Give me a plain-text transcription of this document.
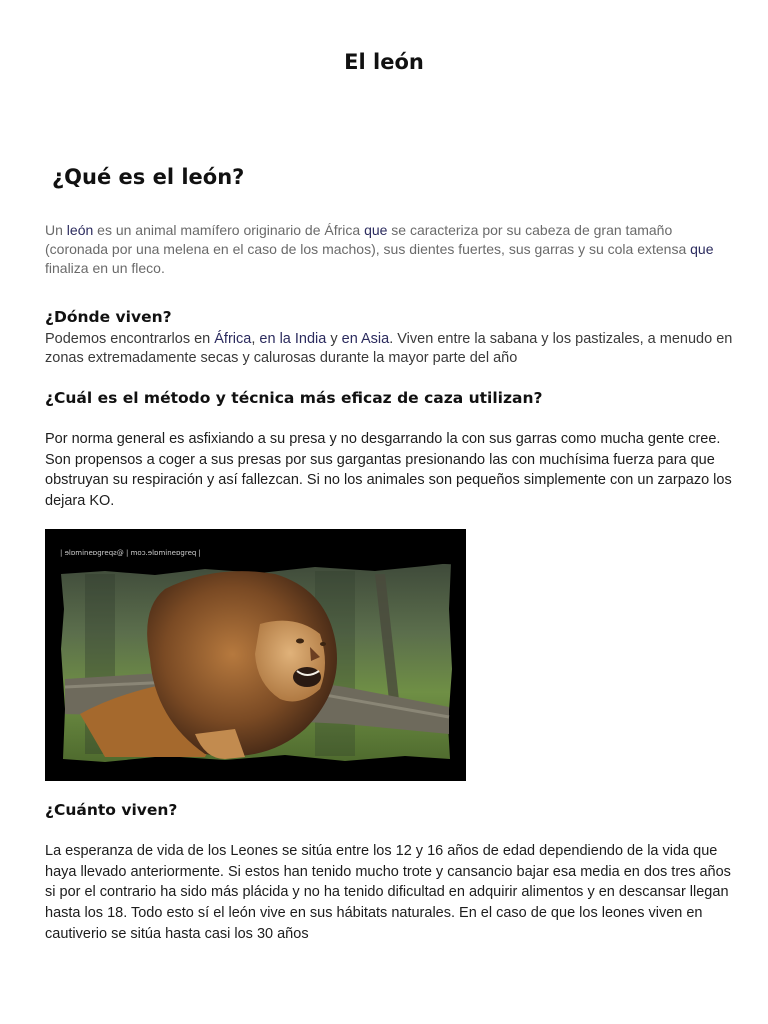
El león
¿Qué es el león?
Un león es un animal mamífero originario de África que se caracteriza por su cabeza de gran tamaño (coronada por una melena en el caso de los machos), sus dientes fuertes, sus garras y su cola extensa que finaliza en un fleco.
¿Dónde viven?
Podemos encontrarlos en África, en la India y en Asia. Viven entre la sabana y los pastizales, a menudo en zonas extremadamente secas y calurosas durante la mayor parte del año
¿Cuál es el método y técnica más eficaz de caza utilizan?
Por norma general es asfixiando a su presa y no desgarrando la con sus garras como mucha gente cree. Son propensos a coger a sus presas por sus gargantas presionando las con muchísima fuerza para que obstruyan su respiración y así fallezcan. Si no los animales son pequeños simplemente con un zarpazo los dejara KO.
| ɘlɒmineɒgreqƨ@ | moɔ.ɘlɒmineɒgreq |
¿Cuánto viven?
La esperanza de vida de los Leones se sitúa entre los 12 y 16 años de edad dependiendo de la vida que haya llevado anteriormente. Si estos han tenido mucho trote y cansancio bajar esa media en dos tres años si por el contrario ha sido más plácida y no ha tenido dificultad en adquirir alimentos y en descansar llegan hasta los 18. Todo esto sí el león vive en sus hábitats naturales. En el caso de que los leones viven en cautiverio se sitúa hasta casi los 30 años
